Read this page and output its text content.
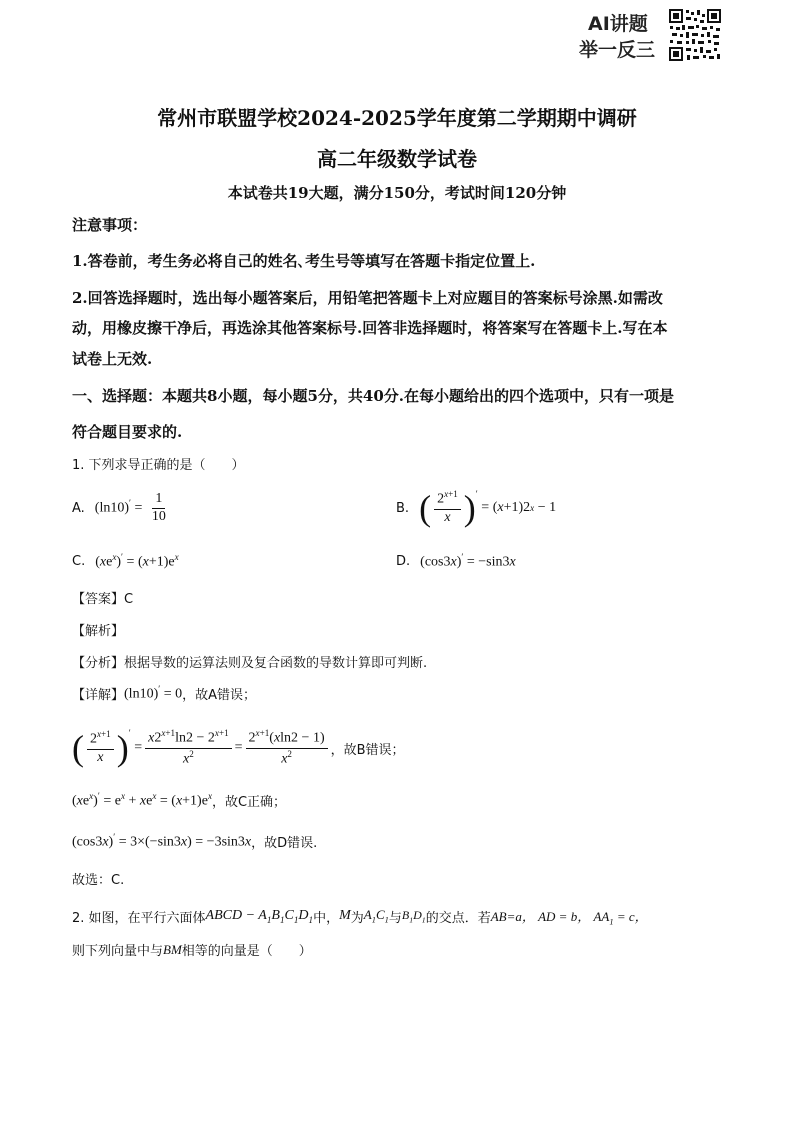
AI讲题
举一反三
常州市联盟学校2024-2025学年度第二学期期中调研
高二年级数学试卷
本试卷共19大题，满分150分，考试时间120分钟
注意事项：
1.答卷前，考生务必将自己的姓名､考生号等填写在答题卡指定位置上.
2.回答选择题时，选出每小题答案后，用铅笔把答题卡上对应题目的答案标号涂黑.如需改
动，用橡皮擦干净后，再选涂其他答案标号.回答非选择题时，将答案写在答题卡上.写在本
试卷上无效.
一、选择题：本题共8小题，每小题5分，共40分.在每小题给出的四个选项中，只有一项是
符合题目要求的.
1. 下列求导正确的是（　　）
A. $(\ln 10)' = \frac{1}{10}$	B. ( $\frac{2^{x+1}}{x} )'$
= ( x +1)2 x − 1
C. $(xe^x)' = (x+1)e^x$	D. (cos3x)′ = −sin3x
【答案】C
【解析】
【分析】根据导数的运算法则及复合函数的导数计算即可判断.
【详解】 (ln10)′ = 0 ，故A错误；
( $\frac{2^{x+1}}{x} )'$
= $\frac{x2^{x+1}\ln 2 - 2^{x+1}}{x^2} = \frac{2^{x+1}(xln2 - 1)}{x^2}$ ，故B错误；
$(xe^x)' = e^x + xe^x = (x+1)e^x$ ，故C正确；
(cos3x)′ = 3×(−sin3x) = −3sin3x ，故D错误.
故选：C.
2. 如图，在平行六面体 ABCD − $A_1B_1C_1D_1$ 中， M 为 $A_1C_1$ 与 $B_1D_1$ 的交点．若 AB=a， AD = b， $AA_1 = c$，
则下列向量中与 BM 相等的向量是（　　）
